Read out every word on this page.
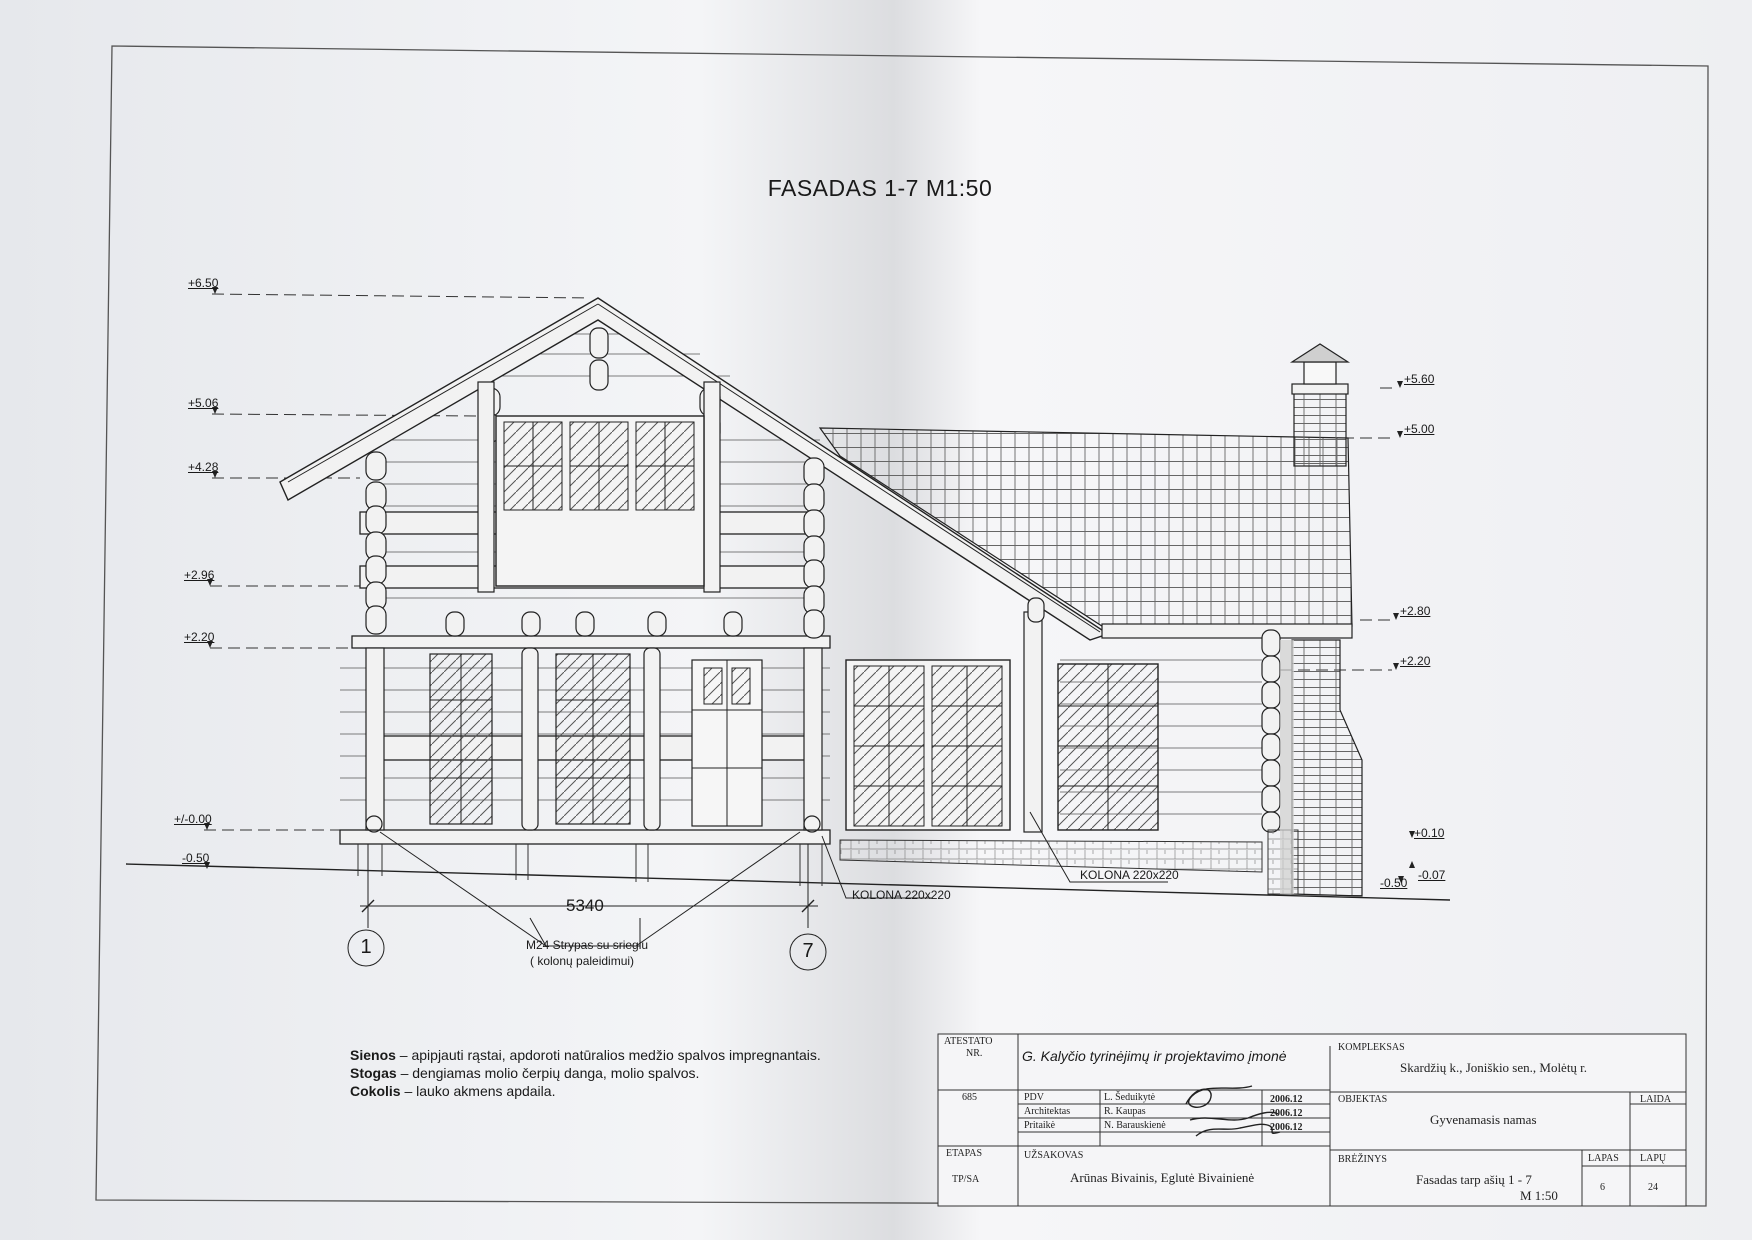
FASADAS 1-7 M1:50
+6.50
+5.06
+4.28
+2.96
+2.20
+/-0.00
-0.50
+5.60
+5.00
+2.80
+2.20
+0.10
-0.07
-0.50
KOLONA 220x220
KOLONA 220x220
M24 Strypas su sriegiu
( kolonų paleidimui)
5340
1	7
Sienos – apipjauti rąstai, apdoroti natūralios medžio spalvos impregnantais.
Stogas – dengiamas molio čerpių danga, molio spalvos.
Cokolis – lauko akmens apdaila.
ATESTATO
NR.
685
G. Kalyčio tyrinėjimų ir projektavimo įmonė
PDV	L. Šeduikytė	2006.12
Architektas	R. Kaupas	2006.12
Pritaikė	N. Barauskienė	2006.12
ETAPAS
TP/SA
UŽSAKOVAS
Arūnas Bivainis, Eglutė Bivainienė
KOMPLEKSAS
Skardžių k., Joniškio sen., Molėtų r.
OBJEKTAS
Gyvenamasis namas
LAIDA
BRĖŽINYS
Fasadas tarp ašių 1 - 7
M 1:50
LAPAS
6
LAPŲ
24
